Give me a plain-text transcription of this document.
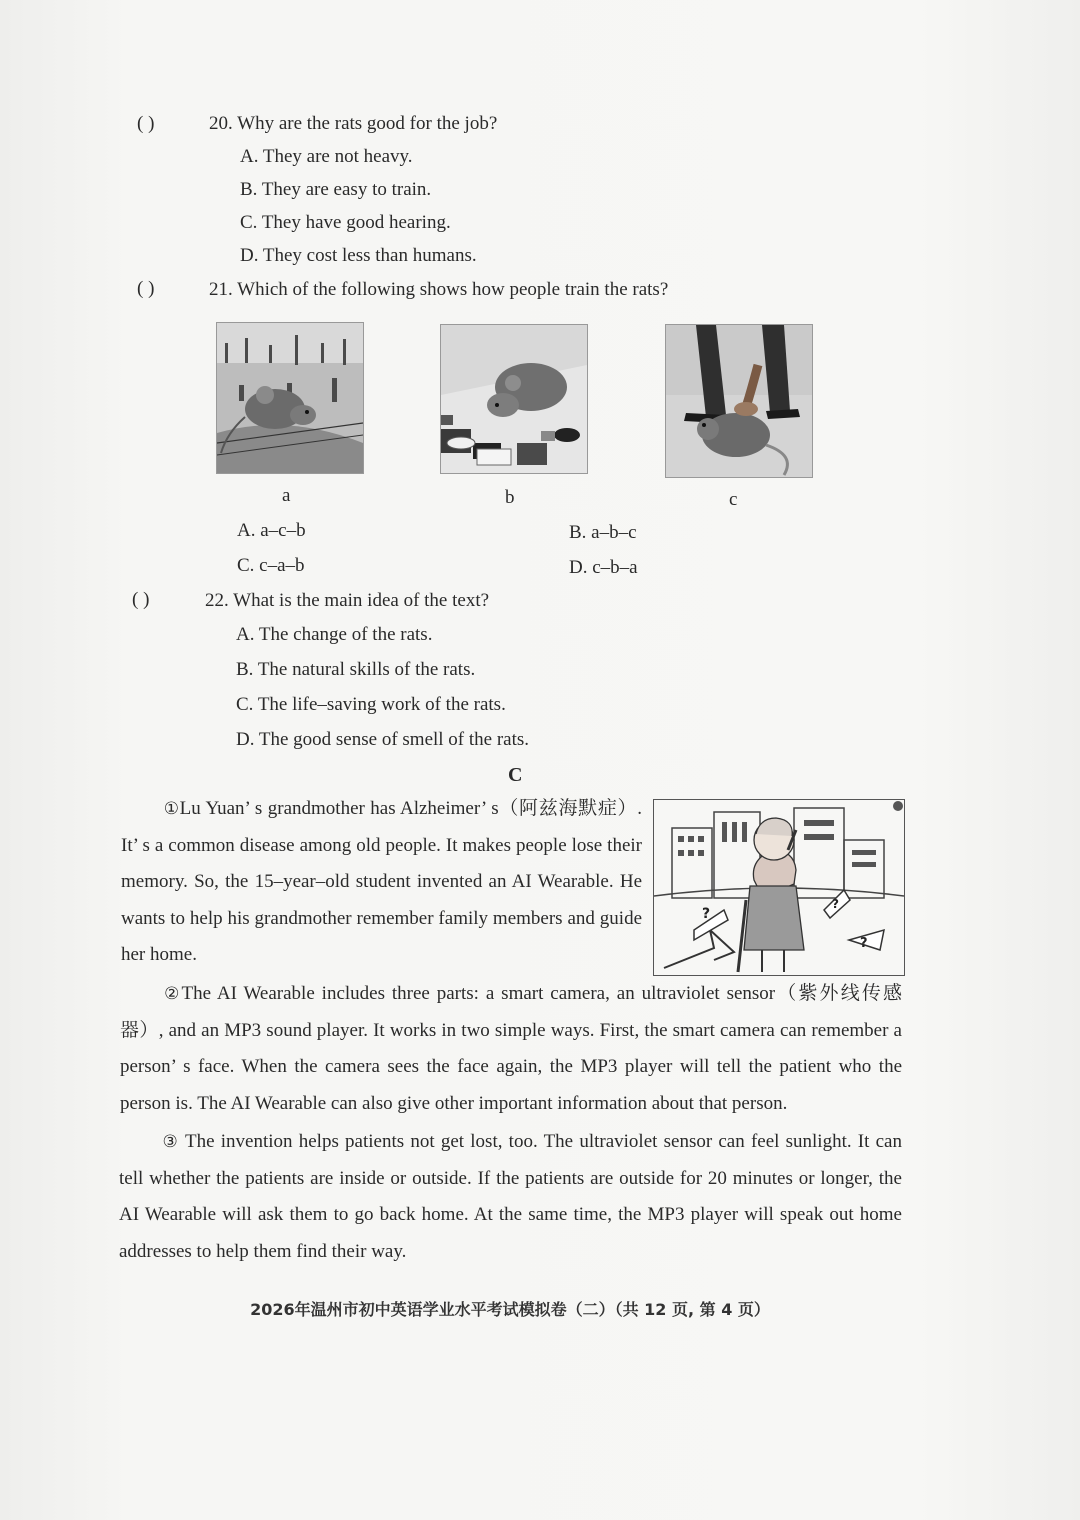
( )	20. Why are the rats good for the job?
A. They are not heavy.
B. They are easy to train.
C. They have good hearing.
D. They cost less than humans.
( )	21. Which of the following shows how people train the rats?
a	b	c
A. a–c–b	B. a–b–c
C. c–a–b	D. c–b–a
( )	22. What is the main idea of the text?
A. The change of the rats.
B. The natural skills of the rats.
C. The life–saving work of the rats.
D. The good sense of smell of the rats.
C
?
?
?
①Lu Yuan’ s grandmother has Alzheimer’ s（阿兹海默症）. It’ s a common disease among old people. It makes people lose their memory. So, the 15–year–old student invented an AI Wearable. He wants to help his grandmother remember family members and guide her home.
②The AI Wearable includes three parts: a smart camera, an ultraviolet sensor（紫外线传感器）, and an MP3 sound player. It works in two simple ways. First, the smart camera can remember a person’ s face. When the camera sees the face again, the MP3 player will tell the patient who the person is. The AI Wearable can also give other important information about that person.
③ The invention helps patients not get lost, too. The ultraviolet sensor can feel sunlight. It can tell whether the patients are inside or outside. If the patients are outside for 20 minutes or longer, the AI Wearable will ask them to go back home. At the same time, the MP3 player will speak out home addresses to help them find their way.
2026年温州市初中英语学业水平考试模拟卷（二）（共 12 页, 第 4 页）
